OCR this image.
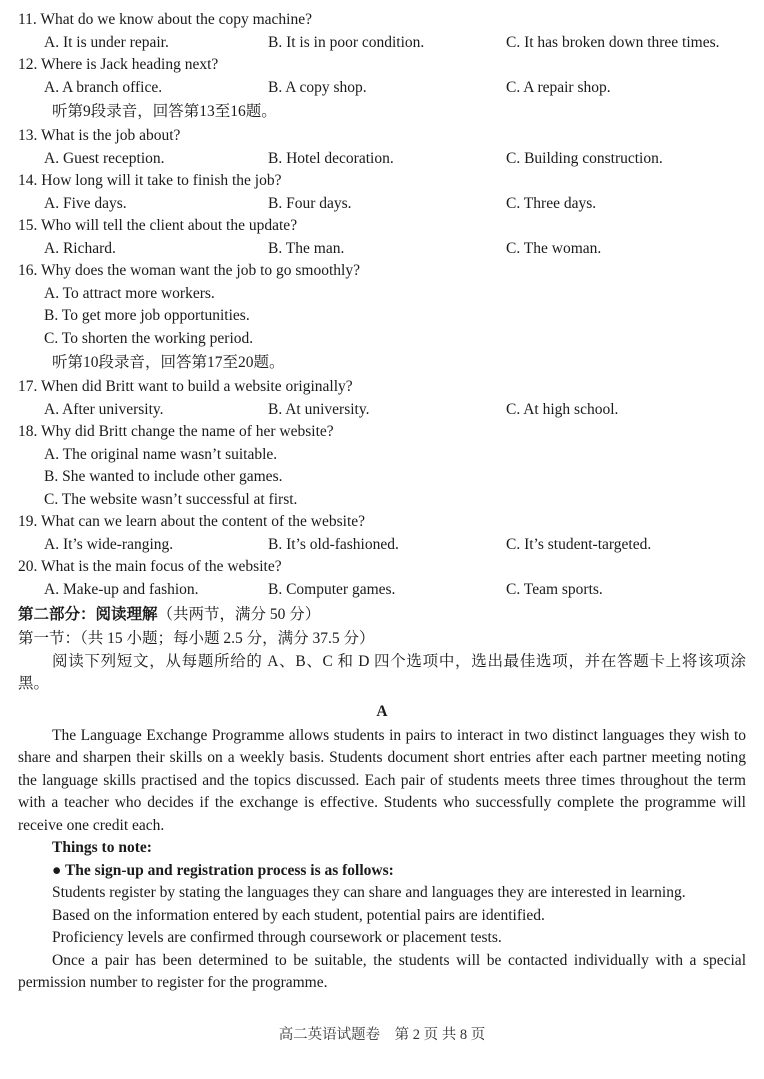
11. What do we know about the copy machine?
A. It is under repair.	B. It is in poor condition.	C. It has broken down three times.
12. Where is Jack heading next?
A. A branch office.	B. A copy shop.	C. A repair shop.
听第9段录音，回答第13至16题。
13. What is the job about?
A. Guest reception.	B. Hotel decoration.	C. Building construction.
14. How long will it take to finish the job?
A. Five days.	B. Four days.	C. Three days.
15. Who will tell the client about the update?
A. Richard.	B. The man.	C. The woman.
16. Why does the woman want the job to go smoothly?
A. To attract more workers.
B. To get more job opportunities.
C. To shorten the working period.
听第10段录音，回答第17至20题。
17. When did Britt want to build a website originally?
A. After university.	B. At university.	C. At high school.
18. Why did Britt change the name of her website?
A. The original name wasn’t suitable.
B. She wanted to include other games.
C. The website wasn’t successful at first.
19. What can we learn about the content of the website?
A. It’s wide-ranging.	B. It’s old-fashioned.	C. It’s student-targeted.
20. What is the main focus of the website?
A. Make-up and fashion.	B. Computer games.	C. Team sports.
第二部分：阅读理解（共两节，满分 50 分）
第一节：（共 15 小题；每小题 2.5 分，满分 37.5 分）
阅读下列短文，从每题所给的 A、B、C 和 D 四个选项中，选出最佳选项，并在答题卡上将该项涂黑。
A
The Language Exchange Programme allows students in pairs to interact in two distinct languages they wish to share and sharpen their skills on a weekly basis. Students document short entries after each partner meeting noting the language skills practised and the topics discussed. Each pair of students meets three times throughout the term with a teacher who decides if the exchange is effective. Students who successfully complete the programme will receive one credit each.
Things to note:
● The sign-up and registration process is as follows:
Students register by stating the languages they can share and languages they are interested in learning.
Based on the information entered by each student, potential pairs are identified.
Proficiency levels are confirmed through coursework or placement tests.
Once a pair has been determined to be suitable, the students will be contacted individually with a special permission number to register for the programme.
高二英语试题卷　第 2 页 共 8 页
